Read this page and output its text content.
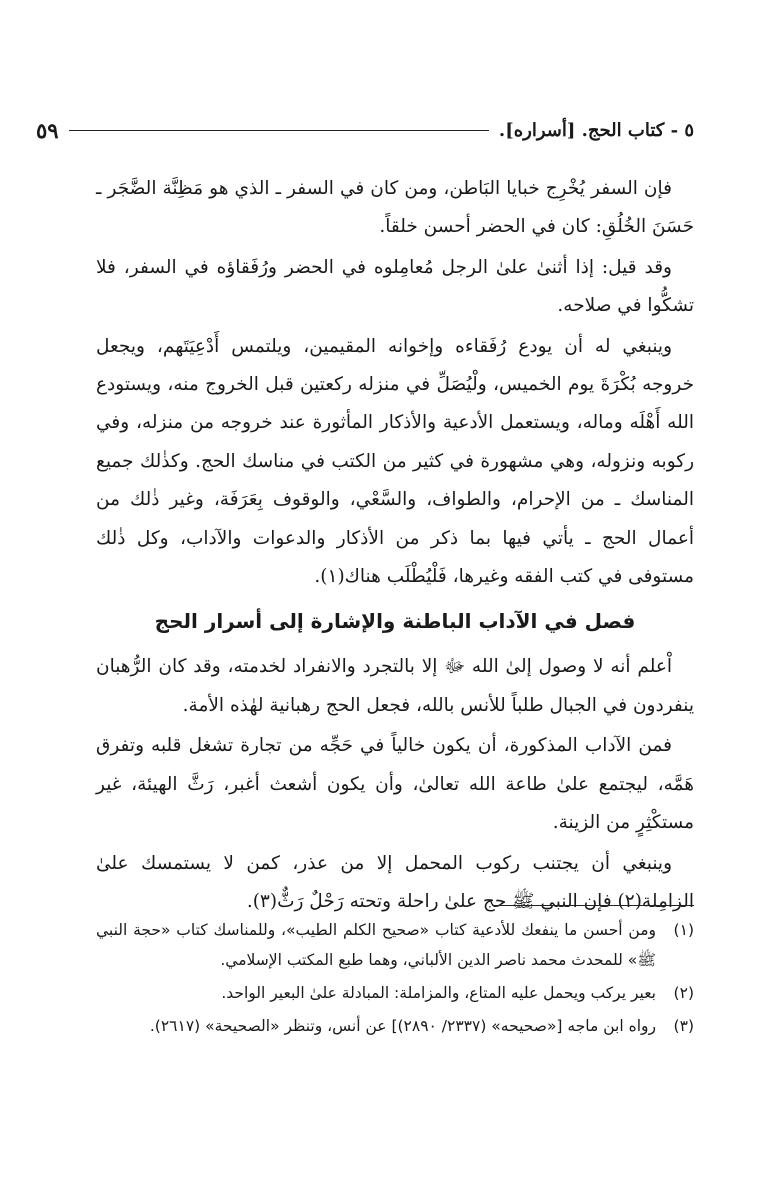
٥ - كتاب الحج. [أسراره].
٥٩

فإن السفر يُخْرِج خبايا البَاطن، ومن كان في السفر ـ الذي هو مَظِنَّة الضَّجَر ـ حَسَنَ الخُلُقِ: كان في الحضر أحسن خلقاً.

وقد قيل: إذا أثنىٰ علىٰ الرجل مُعامِلوه في الحضر ورُفَقاؤه في السفر، فلا تشكُّوا في صلاحه.

وينبغي له أن يودع رُفَقاءه وإخوانه المقيمين، ويلتمس أَدْعِيَتَهم، ويجعل خروجه بُكْرَةَ يوم الخميس، ولْيُصَلِّ في منزله ركعتين قبل الخروج منه، ويستودع الله أَهْلَه وماله، ويستعمل الأدعية والأذكار المأثورة عند خروجه من منزله، وفي ركوبه ونزوله، وهي مشهورة في كثير من الكتب في مناسك الحج. وكذٰلك جميع المناسك ـ من الإحرام، والطواف، والسَّعْي، والوقوف بِعَرَفَة، وغير ذٰلك من أعمال الحج ـ يأتي فيها بما ذكر من الأذكار والدعوات والآداب، وكل ذٰلك مستوفى في كتب الفقه وغيرها، فَلْيُطْلَب هناك(١).

فصل في الآداب الباطنة والإشارة إلى أسرار الحج

اْعلم أنه لا وصول إلىٰ الله ﷻ إلا بالتجرد والانفراد لخدمته، وقد كان الرُّهبان ينفردون في الجبال طلباً للأنس بالله، فجعل الحج رهبانية لهٰذه الأمة.

فمن الآداب المذكورة، أن يكون خالياً في حَجِّه من تجارة تشغل قلبه وتفرق هَمَّه، ليجتمع علىٰ طاعة الله تعالىٰ، وأن يكون أشعث أغبر، رَثَّ الهيئة، غير مستكْثِرٍ من الزينة.

وينبغي أن يجتنب ركوب المحمل إلا من عذر، كمن لا يستمسك علىٰ الزامِلة(٢) فإن النبي ﷺ حج علىٰ راحلة وتحته رَحْلٌ رَثٌّ(٣).

(١)
ومن أحسن ما ينفعك للأدعية كتاب «صحيح الكلم الطيب»، وللمناسك كتاب «حجة النبي ﷺ» للمحدث محمد ناصر الدين الألباني، وهما طبع المكتب الإسلامي.
(٢)
بعير يركب ويحمل عليه المتاع، والمزاملة: المبادلة علىٰ البعير الواحد.
(٣)
رواه ابن ماجه [«صحيحه» (٢٣٣٧/ ٢٨٩٠)] عن أنس، وتنظر «الصحيحة» (٢٦١٧).
